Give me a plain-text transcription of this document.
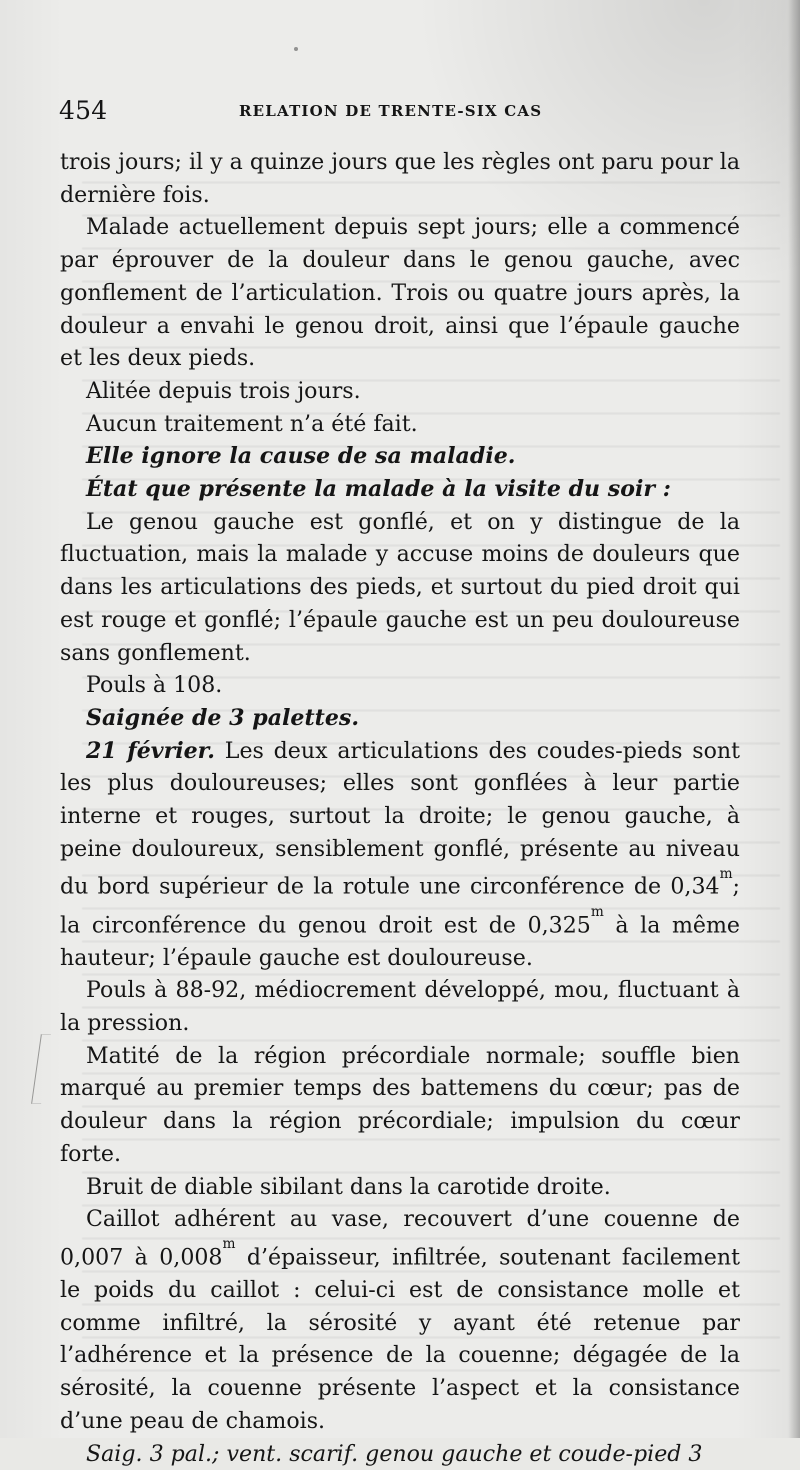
454	RELATION DE TRENTE-SIX CAS

trois jours; il y a quinze jours que les règles ont paru pour la dernière fois.

Malade actuellement depuis sept jours; elle a commencé par éprouver de la douleur dans le genou gauche, avec gonflement de l’articulation. Trois ou quatre jours après, la douleur a envahi le genou droit, ainsi que l’épaule gauche et les deux pieds.

Alitée depuis trois jours.

Aucun traitement n’a été fait.

Elle ignore la cause de sa maladie.

État que présente la malade à la visite du soir :

Le genou gauche est gonflé, et on y distingue de la fluctuation, mais la malade y accuse moins de douleurs que dans les articulations des pieds, et surtout du pied droit qui est rouge et gonflé; l’épaule gauche est un peu douloureuse sans gonflement.

Pouls à 108.

Saignée de 3 palettes.

21 février. Les deux articulations des coudes-pieds sont les plus douloureuses; elles sont gonflées à leur partie interne et rouges, surtout la droite; le genou gauche, à peine douloureux, sensiblement gonflé, présente au niveau du bord supérieur de la rotule une circonférence de 0,34$^m$; la circonférence du genou droit est de 0,325$^m$ à la même hauteur; l’épaule gauche est douloureuse.

Pouls à 88-92, médiocrement développé, mou, fluctuant à la pression.

Matité de la région précordiale normale; souffle bien marqué au premier temps des battemens du cœur; pas de douleur dans la région précordiale; impulsion du cœur forte.

Bruit de diable sibilant dans la carotide droite.

Caillot adhérent au vase, recouvert d’une couenne de 0,007 à 0,008$^m$ d’épaisseur, infiltrée, soutenant facilement le poids du caillot : celui-ci est de consistance molle et comme infiltré, la sérosité y ayant été retenue par l’adhérence et la présence de la couenne; dégagée de la sérosité, la couenne présente l’aspect et la consistance d’une peau de chamois.

Saig. 3 pal.; vent. scarif. genou gauche et coude-pied 3
